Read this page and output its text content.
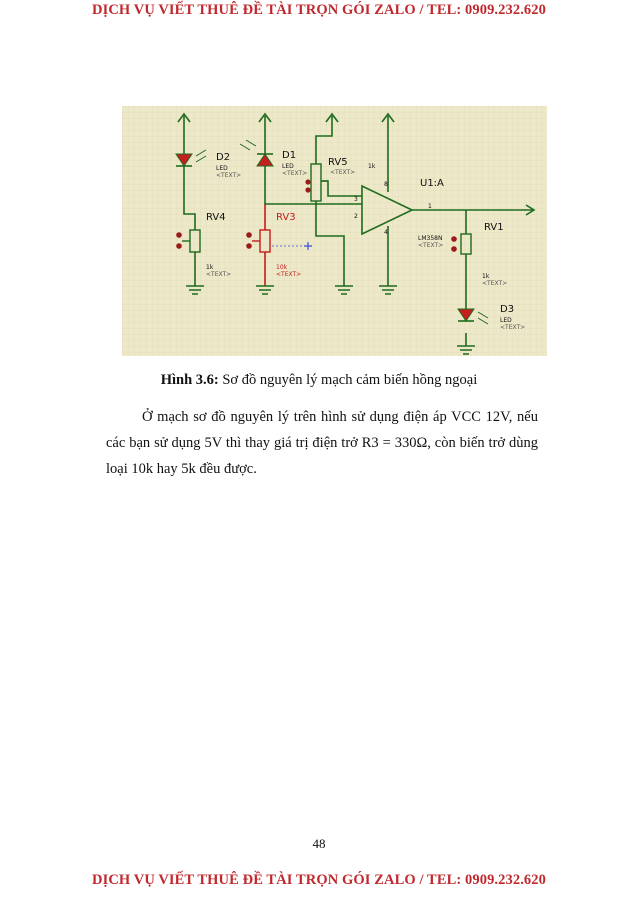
DỊCH VỤ VIẾT THUÊ ĐỀ TÀI TRỌN GÓI ZALO / TEL: 0909.232.620
D2
LED
<TEXT>
D1
LED
<TEXT>
RV5
<TEXT>
1k
U1:A
LM358N
<TEXT>
3
2
1
8
4
RV4
1k
<TEXT>
RV3
10k
<TEXT>
RV1
1k
<TEXT>
D3
LED
<TEXT>
Hình 3.6: Sơ đồ nguyên lý mạch cảm biến hồng ngoại
Ở mạch sơ đồ nguyên lý trên hình sử dụng điện áp VCC 12V, nếu các bạn sử dụng 5V thì thay giá trị điện trở R3 = 330Ω, còn biến trở dùng loại 10k hay 5k đều được.
48
DỊCH VỤ VIẾT THUÊ ĐỀ TÀI TRỌN GÓI ZALO / TEL: 0909.232.620
